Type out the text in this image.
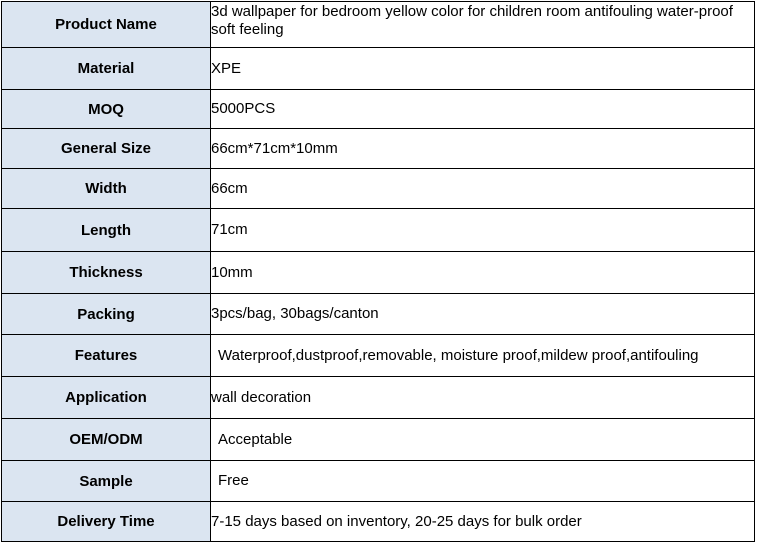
Product Name	3d wallpaper for bedroom yellow color for children room antifouling water-proof soft feeling
Material	XPE
MOQ	5000PCS
General Size	66cm*71cm*10mm
Width	66cm
Length	71cm
Thickness	10mm
Packing	3pcs/bag, 30bags/canton
Features	Waterproof,dustproof,removable, moisture proof,mildew proof,antifouling
Application	wall decoration
OEM/ODM	Acceptable
Sample	Free
Delivery Time	7-15 days based on inventory, 20-25 days for bulk order
